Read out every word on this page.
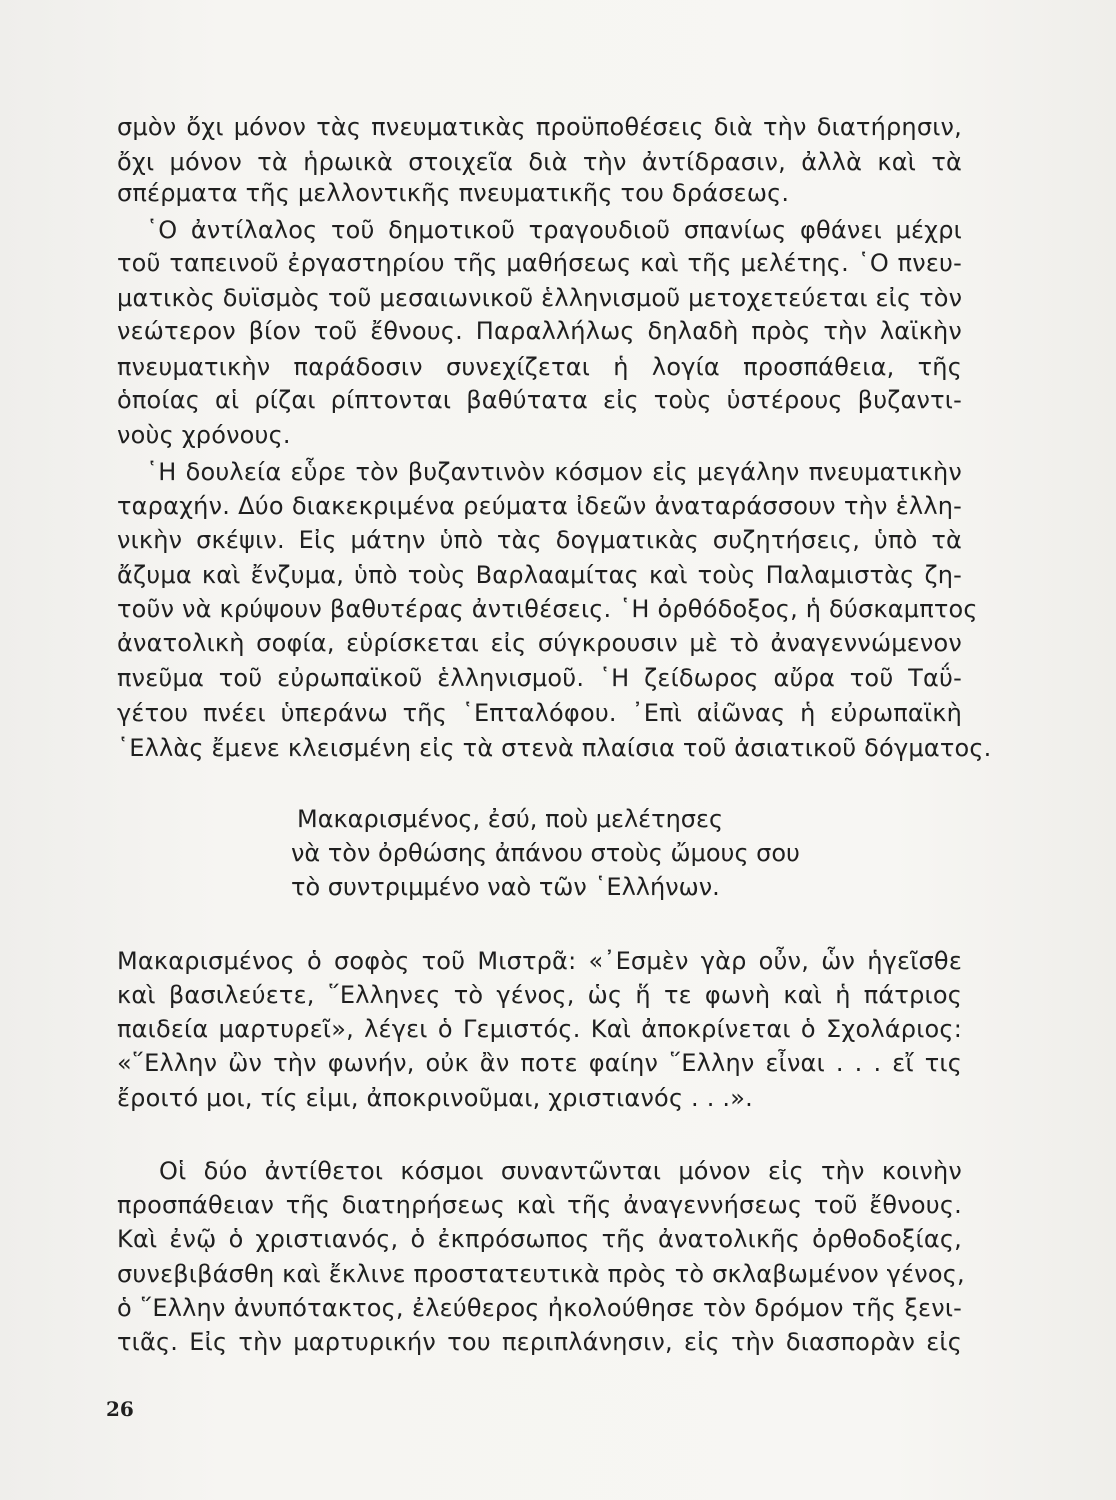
σμὸν ὄχι μόνον τὰς πνευματικὰς προϋποθέσεις διὰ τὴν διατήρησιν,
ὄχι μόνον τὰ ἡρωικὰ στοιχεῖα διὰ τὴν ἀντίδρασιν, ἀλλὰ καὶ τὰ
σπέρματα τῆς μελλοντικῆς πνευματικῆς του δράσεως.
῾Ο ἀντίλαλος τοῦ δημοτικοῦ τραγουδιοῦ σπανίως φθάνει μέχρι
τοῦ ταπεινοῦ ἐργαστηρίου τῆς μαθήσεως καὶ τῆς μελέτης. ῾Ο πνευ-
ματικὸς δυϊσμὸς τοῦ μεσαιωνικοῦ ἑλληνισμοῦ μετοχετεύεται εἰς τὸν
νεώτερον βίον τοῦ ἔθνους. Παραλλήλως δηλαδὴ πρὸς τὴν λαϊκὴν
πνευματικὴν παράδοσιν συνεχίζεται ἡ λογία προσπάθεια, τῆς
ὁποίας αἱ ρίζαι ρίπτονται βαθύτατα εἰς τοὺς ὑστέρους βυζαντι-
νοὺς χρόνους.
῾Η δουλεία εὗρε τὸν βυζαντινὸν κόσμον εἰς μεγάλην πνευματικὴν
ταραχήν. Δύο διακεκριμένα ρεύματα ἰδεῶν ἀναταράσσουν τὴν ἑλλη-
νικὴν σκέψιν. Εἰς μάτην ὑπὸ τὰς δογματικὰς συζητήσεις, ὑπὸ τὰ
ἄζυμα καὶ ἔνζυμα, ὑπὸ τοὺς Βαρλααμίτας καὶ τοὺς Παλαμιστὰς ζη-
τοῦν νὰ κρύψουν βαθυτέρας ἀντιθέσεις. ῾Η ὀρθόδοξος, ἡ δύσκαμπτος
ἀνατολικὴ σοφία, εὑρίσκεται εἰς σύγκρουσιν μὲ τὸ ἀναγεννώμενον
πνεῦμα τοῦ εὐρωπαϊκοῦ ἑλληνισμοῦ. ῾Η ζείδωρος αὔρα τοῦ Ταΰ-
γέτου πνέει ὑπεράνω τῆς ῾Επταλόφου. ᾿Επὶ αἰῶνας ἡ εὐρωπαϊκὴ
῾Ελλὰς ἔμενε κλεισμένη εἰς τὰ στενὰ πλαίσια τοῦ ἀσιατικοῦ δόγματος.
Μακαρισμένος, ἐσύ, ποὺ μελέτησες
νὰ τὸν ὀρθώσης ἀπάνου στοὺς ὤμους σου
τὸ συντριμμένο ναὸ τῶν ῾Ελλήνων.
Μακαρισμένος ὁ σοφὸς τοῦ Μιστρᾶ: «᾿Εσμὲν γὰρ οὖν, ὧν ἡγεῖσθε
καὶ βασιλεύετε, ῞Ελληνες τὸ γένος, ὡς ἥ τε φωνὴ καὶ ἡ πάτριος
παιδεία μαρτυρεῖ», λέγει ὁ Γεμιστός. Καὶ ἀποκρίνεται ὁ Σχολάριος:
«῞Ελλην ὢν τὴν φωνήν, οὐκ ἂν ποτε φαίην ῞Ελλην εἶναι . . . εἴ τις
ἔροιτό μοι, τίς εἰμι, ἀποκρινοῦμαι, χριστιανός . . .».
Οἱ δύο ἀντίθετοι κόσμοι συναντῶνται μόνον εἰς τὴν κοινὴν
προσπάθειαν τῆς διατηρήσεως καὶ τῆς ἀναγεννήσεως τοῦ ἔθνους.
Καὶ ἐνῷ ὁ χριστιανός, ὁ ἐκπρόσωπος τῆς ἀνατολικῆς ὀρθοδοξίας,
συνεβιβάσθη καὶ ἔκλινε προστατευτικὰ πρὸς τὸ σκλαβωμένον γένος,
ὁ ῞Ελλην ἀνυπότακτος, ἐλεύθερος ἠκολούθησε τὸν δρόμον τῆς ξενι-
τιᾶς. Εἰς τὴν μαρτυρικήν του περιπλάνησιν, εἰς τὴν διασπορὰν εἰς
26
